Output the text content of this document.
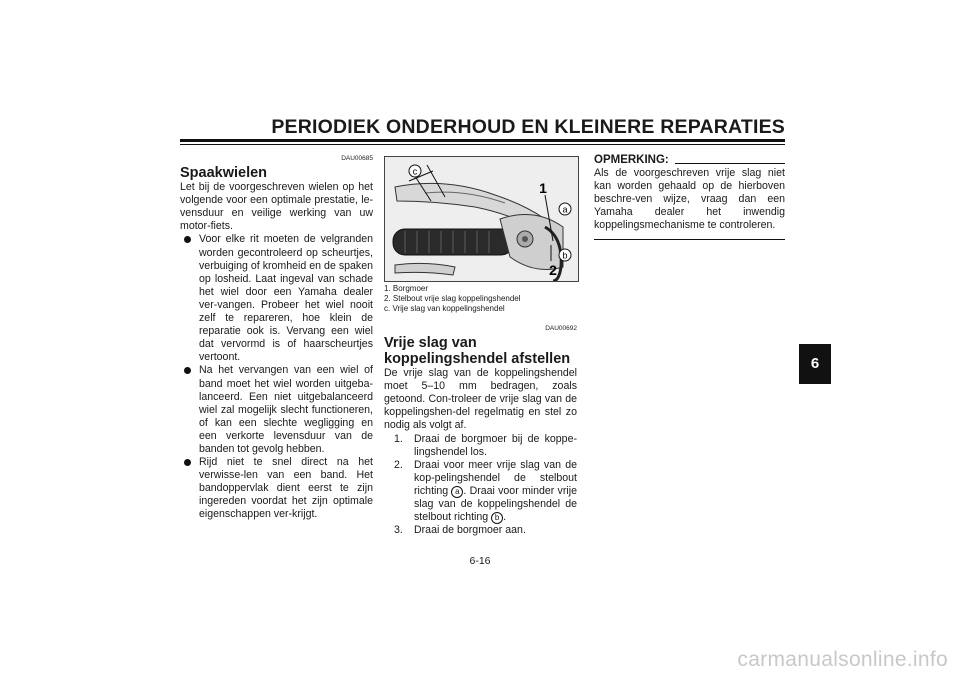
PERIODIEK ONDERHOUD EN KLEINERE REPARATIES
6
DAU00685
Spaakwielen

Let bij de voorgeschreven wielen op het volgende voor een optimale prestatie, le-vensduur en veilige werking van uw motor-fiets.

Voor elke rit moeten de velgranden worden gecontroleerd op scheurtjes, verbuiging of kromheid en de spaken op losheid. Laat ingeval van schade het wiel door een Yamaha dealer ver-vangen. Probeer het wiel nooit zelf te repareren, hoe klein de reparatie ook is. Vervang een wiel dat vervormd is of haarscheurtjes vertoont.
Na het vervangen van een wiel of band moet het wiel worden uitgeba-lanceerd. Een niet uitgebalanceerd wiel zal mogelijk slecht functioneren, of kan een slechte wegligging en een verkorte levensduur van de banden tot gevolg hebben.
Rijd niet te snel direct na het verwisse-len van een band. Het bandoppervlak dient eerst te zijn ingereden voordat het zijn optimale eigenschappen ver-krijgt.
c
1
2
a
b
1. Borgmoer
2. Stelbout vrije slag koppelingshendel
c. Vrije slag van koppelingshendel
DAU00692
Vrije slag van koppelingshendel afstellen

De vrije slag van de koppelingshendel moet 5–10 mm bedragen, zoals getoond. Con-troleer de vrije slag van de koppelingshen-del regelmatig en stel zo nodig als volgt af.

1. Draai de borgmoer bij de koppe-lingshendel los.
2. Draai voor meer vrije slag van de kop-pelingshendel de stelbout richting a . Draai voor minder vrije slag van de koppelingshendel de stelbout richting b .
3. Draai de borgmoer aan.
OPMERKING:

Als de voorgeschreven vrije slag niet kan worden gehaald op de hierboven beschre-ven wijze, vraag dan een Yamaha dealer het inwendig koppelingsmechanisme te controleren.

6-16
carmanualsonline.info
